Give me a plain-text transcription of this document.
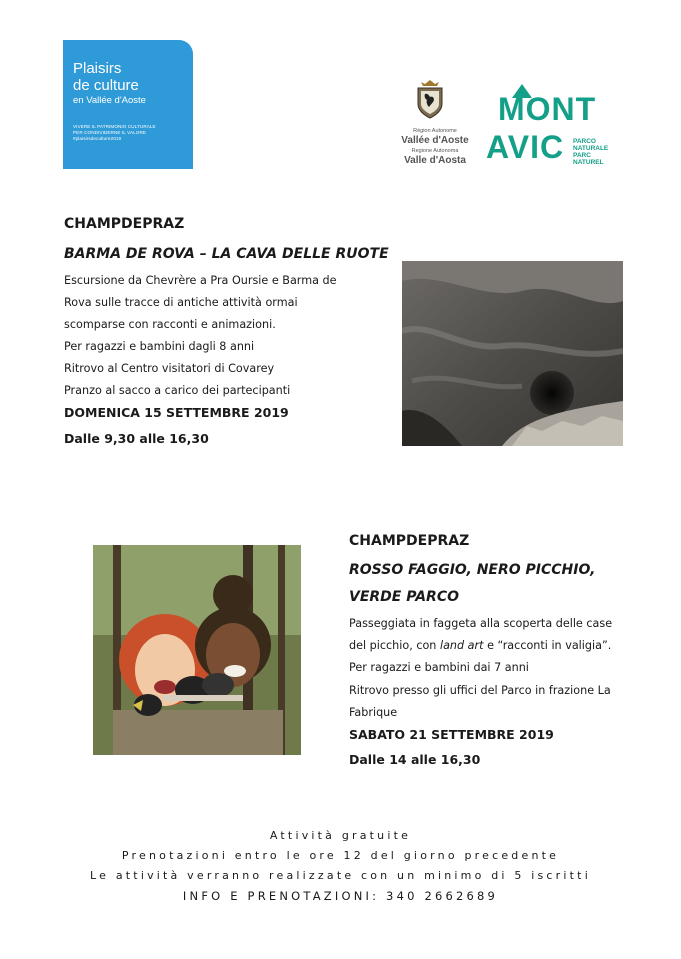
Plaisirs
de culture
en Vallée d'Aoste
VIVERE IL PATRIMONIO CULTURALE
PER CONDIVIDERNE IL VALORE
#plaisirsdeculture2019
Région Autonome
Vallée d'Aoste
Regione Autonoma
Valle d'Aosta
MONT
AVIC PARCO
NATURALE
PARC
NATUREL
CHAMPDEPRAZ
BARMA DE ROVA – LA CAVA DELLE RUOTE
Escursione da Chevrère a Pra Oursie e Barma de
Rova sulle tracce di antiche attività ormai
scomparse con racconti e animazioni.
Per ragazzi e bambini dagli 8 anni
Ritrovo al Centro visitatori di Covarey
Pranzo al sacco a carico dei partecipanti
DOMENICA 15 SETTEMBRE 2019
Dalle 9,30 alle 16,30
CHAMPDEPRAZ
ROSSO FAGGIO, NERO PICCHIO,
VERDE PARCO
Passeggiata in faggeta alla scoperta delle case
del picchio, con land art e “racconti in valigia”.
Per ragazzi e bambini dai 7 anni
Ritrovo presso gli uffici del Parco in frazione La
Fabrique
SABATO 21 SETTEMBRE 2019
Dalle 14 alle 16,30
Attività gratuite
Prenotazioni entro le ore 12 del giorno precedente
Le attività verranno realizzate con un minimo di 5 iscritti
INFO E PRENOTAZIONI: 340 2662689
